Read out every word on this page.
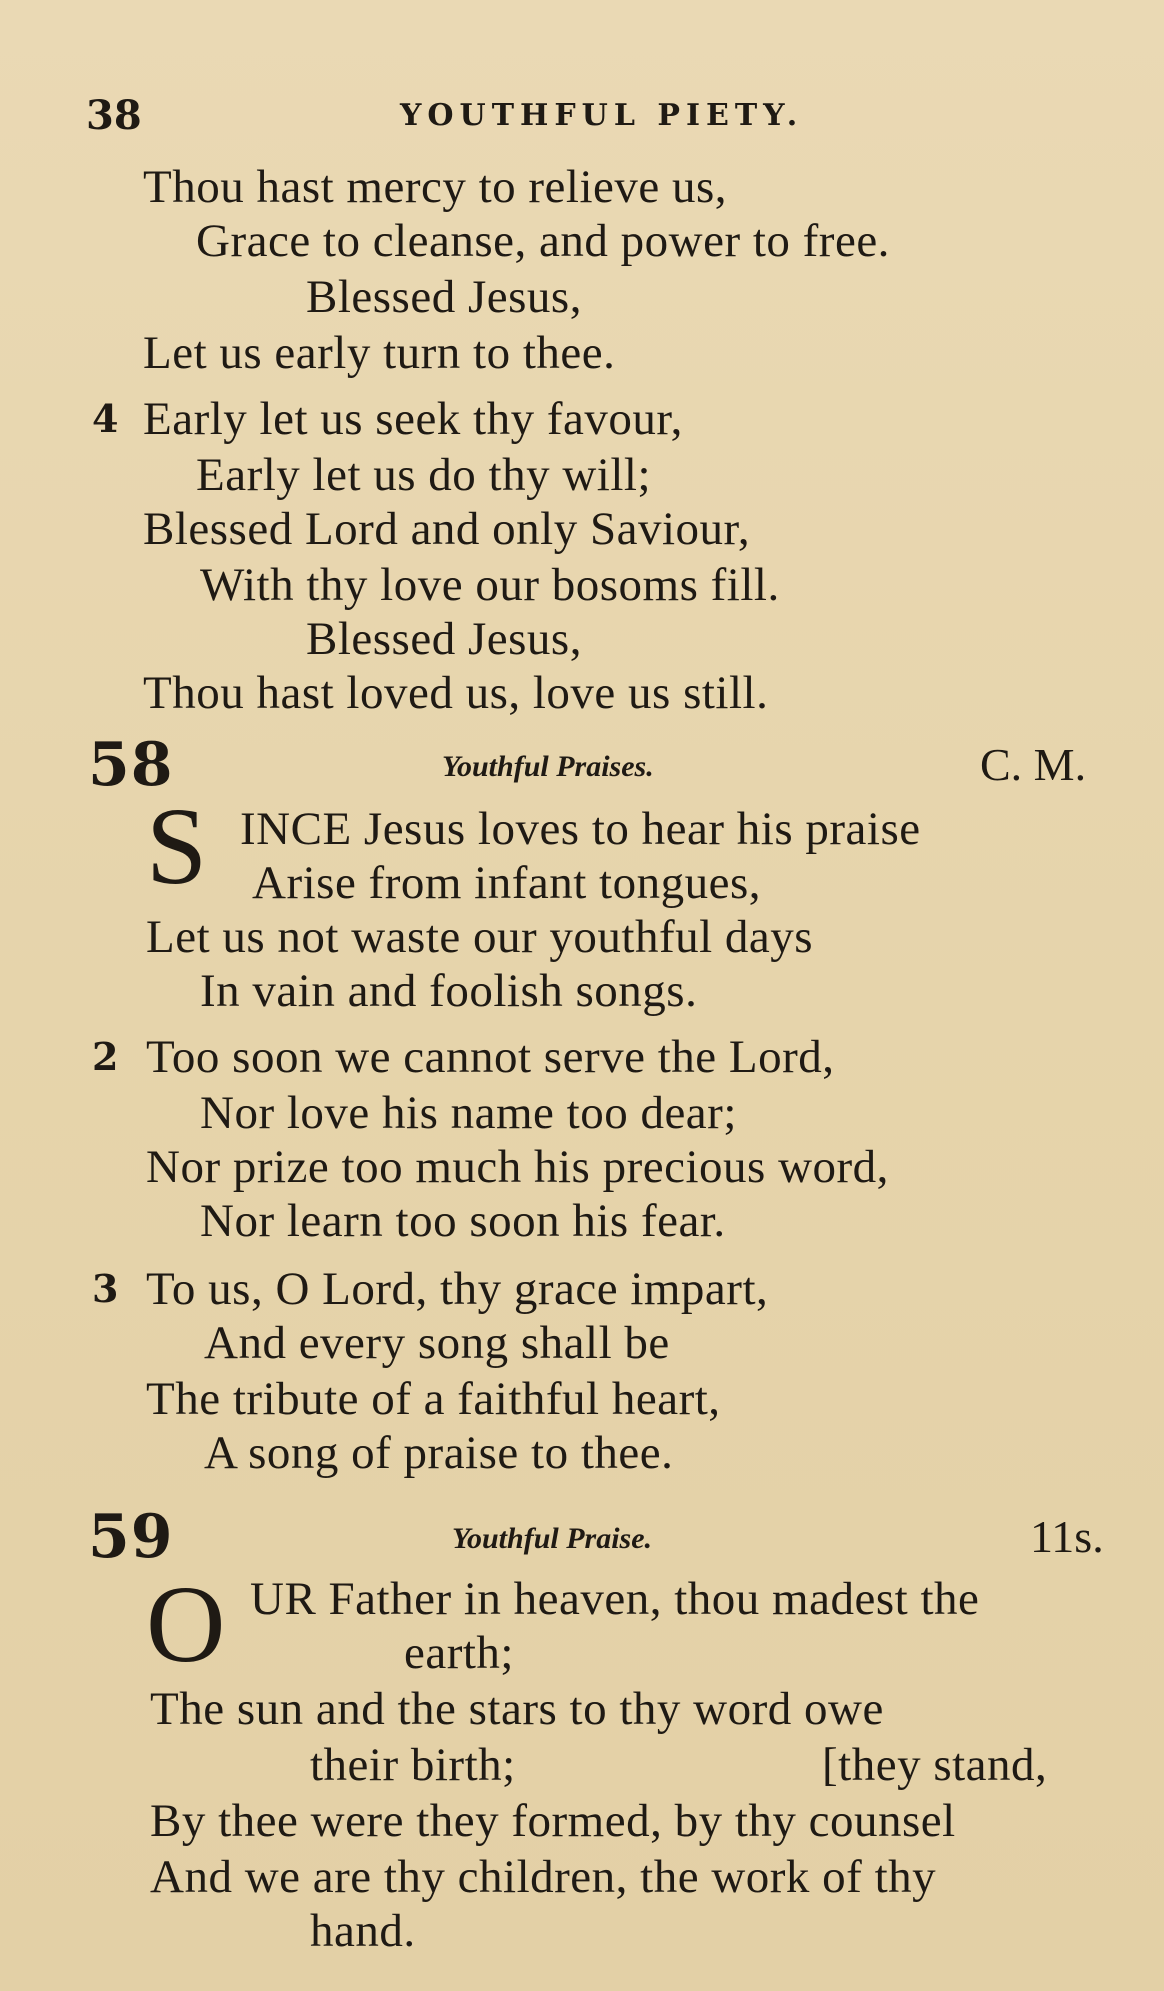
38	YOUTHFUL PIETY.
Thou hast mercy to relieve us,
Grace to cleanse, and power to free.
Blessed Jesus,
Let us early turn to thee.
4 Early let us seek thy favour,
Early let us do thy will;
Blessed Lord and only Saviour,
With thy love our bosoms fill.
Blessed Jesus,
Thou hast loved us, love us still.
58	Youthful Praises.	C. M.
S INCE Jesus loves to hear his praise
Arise from infant tongues,
Let us not waste our youthful days
In vain and foolish songs.
2 Too soon we cannot serve the Lord,
Nor love his name too dear;
Nor prize too much his precious word,
Nor learn too soon his fear.
3 To us, O Lord, thy grace impart,
And every song shall be
The tribute of a faithful heart,
A song of praise to thee.
59	Youthful Praise.	11s.
O UR Father in heaven, thou madest the
earth;
The sun and the stars to thy word owe
their birth;	[they stand,
By thee were they formed, by thy counsel
And we are thy children, the work of thy
hand.
